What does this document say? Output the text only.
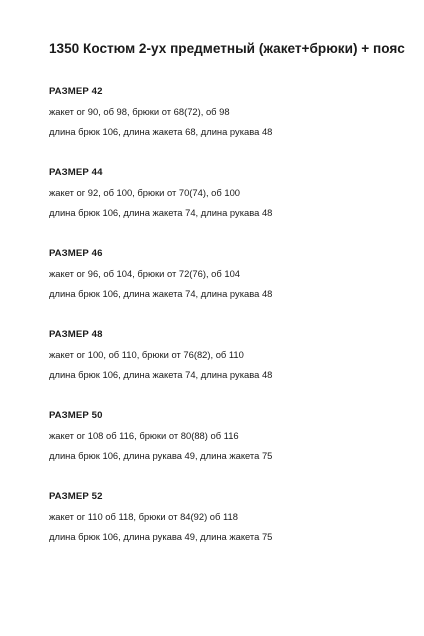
1350 Костюм 2-ух предметный (жакет+брюки) + пояс
РАЗМЕР 42
жакет ог 90, об 98, брюки от 68(72), об 98
длина брюк 106, длина жакета 68, длина рукава 48
РАЗМЕР 44
жакет ог 92, об 100, брюки от 70(74), об 100
длина брюк 106, длина жакета 74, длина рукава 48
РАЗМЕР 46
жакет ог 96, об 104, брюки от 72(76), об 104
длина брюк 106, длина жакета 74, длина рукава 48
РАЗМЕР 48
жакет ог 100, об 110, брюки от 76(82), об 110
длина брюк 106, длина жакета 74, длина рукава 48
РАЗМЕР 50
жакет ог 108 об 116, брюки от 80(88) об 116
длина брюк 106, длина рукава 49, длина жакета 75
РАЗМЕР 52
жакет ог 110 об 118, брюки от 84(92) об 118
длина брюк 106, длина рукава 49, длина жакета 75
